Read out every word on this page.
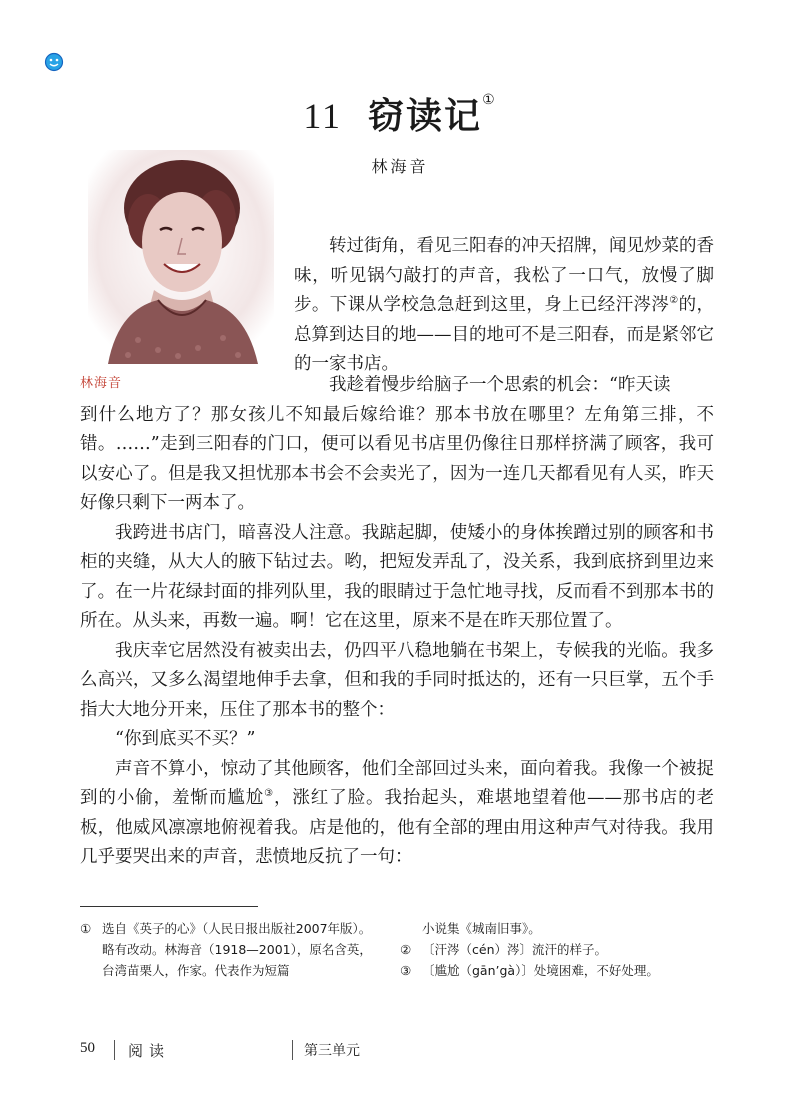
11 窃读记①
林海音
林海音

转过街角，看见三阳春的冲天招牌，闻见炒菜的香味，听见锅勺敲打的声音，我松了一口气，放慢了脚步。下课从学校急急赶到这里，身上已经汗涔涔②的，总算到达目的地——目的地可不是三阳春，而是紧邻它的一家书店。

我趁着慢步给脑子一个思索的机会：“昨天读
到什么地方了？那女孩儿不知最后嫁给谁？那本书放在哪里？左角第三排，不错。……”走到三阳春的门口，便可以看见书店里仍像往日那样挤满了顾客，我可以安心了。但是我又担忧那本书会不会卖光了，因为一连几天都看见有人买，昨天好像只剩下一两本了。

我跨进书店门，暗喜没人注意。我踮起脚，使矮小的身体挨蹭过别的顾客和书柜的夹缝，从大人的腋下钻过去。哟，把短发弄乱了，没关系，我到底挤到里边来了。在一片花绿封面的排列队里，我的眼睛过于急忙地寻找，反而看不到那本书的所在。从头来，再数一遍。啊！它在这里，原来不是在昨天那位置了。

我庆幸它居然没有被卖出去，仍四平八稳地躺在书架上，专候我的光临。我多么高兴，又多么渴望地伸手去拿，但和我的手同时抵达的，还有一只巨掌，五个手指大大地分开来，压住了那本书的整个：

“你到底买不买？”

声音不算小，惊动了其他顾客，他们全部回过头来，面向着我。我像一个被捉到的小偷，羞惭而尴尬③，涨红了脸。我抬起头，难堪地望着他——那书店的老板，他威风凛凛地俯视着我。店是他的，他有全部的理由用这种声气对待我。我用几乎要哭出来的声音，悲愤地反抗了一句：

① 选自《英子的心》（人民日报出版社2007年版）。略有改动。林海音（1918—2001），原名含英，台湾苗栗人，作家。代表作为短篇
小说集《城南旧事》。
② 〔汗涔（cén）涔〕流汗的样子。
③ 〔尴尬（gān’gà）〕处境困难，不好处理。
50 阅读	第三单元
